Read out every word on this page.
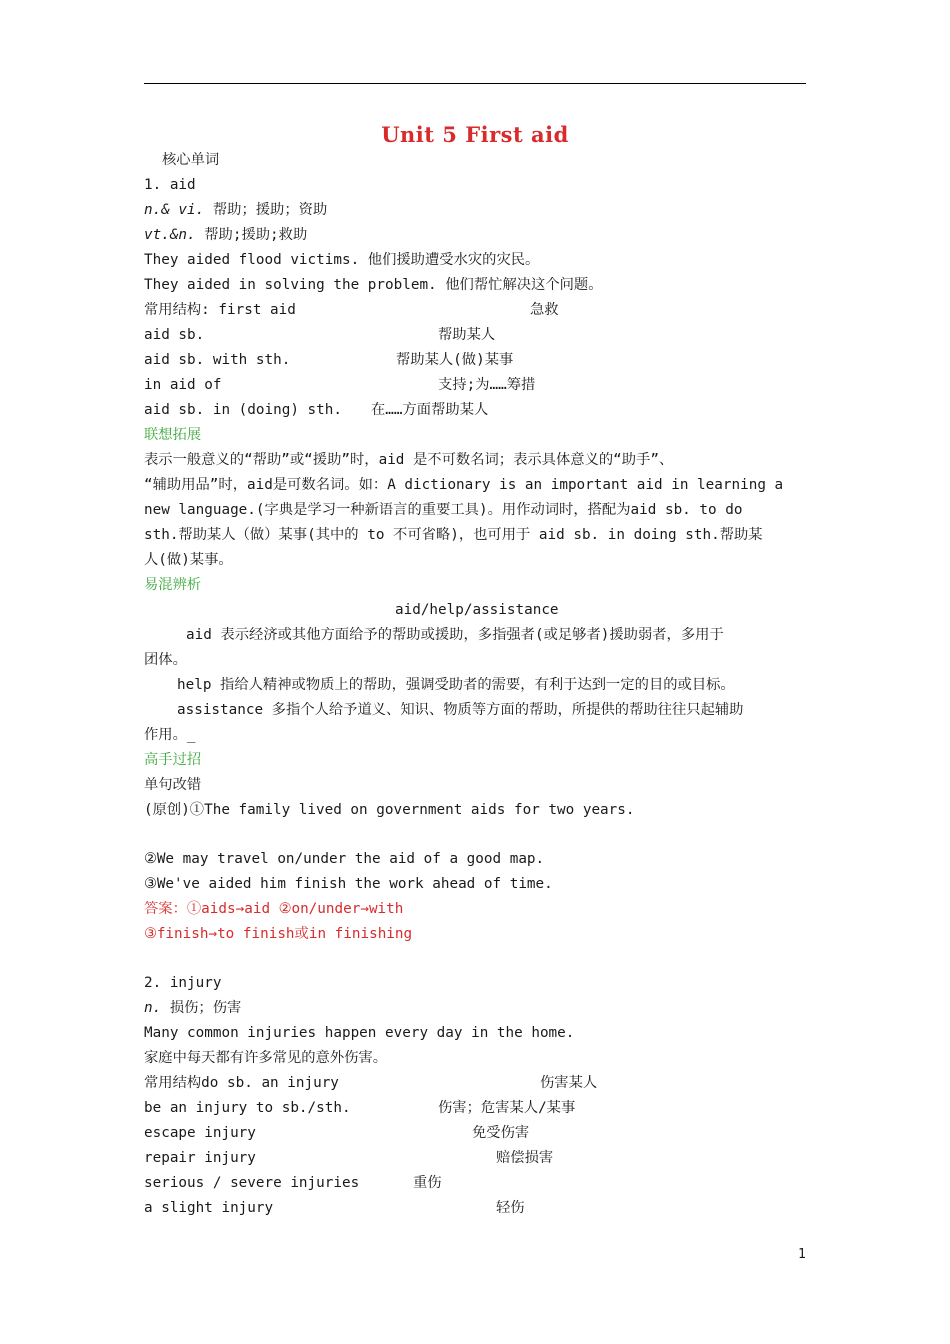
Unit 5 First aid
核心单词
1. aid
n.& vi. 帮助；援助；资助
vt.&n. 帮助;援助;救助
They aided flood victims. 他们援助遭受水灾的灾民。
They aided in solving the problem. 他们帮忙解决这个问题。
常用结构: first aid	急救
aid sb.	帮助某人
aid sb. with sth.	帮助某人(做)某事
in aid of	支持;为……筹措
aid sb. in (doing) sth. 在……方面帮助某人
联想拓展
表示一般意义的“帮助”或“援助”时，aid 是不可数名词；表示具体意义的“助手”、
“辅助用品”时，aid是可数名词。如：A dictionary is an important aid in learning a
new language.(字典是学习一种新语言的重要工具)。用作动词时，搭配为aid sb. to do
sth.帮助某人（做）某事(其中的 to 不可省略)，也可用于 aid sb. in doing sth.帮助某
人(做)某事。
易混辨析
aid/help/assistance
aid 表示经济或其他方面给予的帮助或援助，多指强者(或足够者)援助弱者，多用于
团体。
help 指给人精神或物质上的帮助，强调受助者的需要，有利于达到一定的目的或目标。
assistance 多指个人给予道义、知识、物质等方面的帮助，所提供的帮助往往只起辅助
作用。_
高手过招
单句改错
(原创)①The family lived on government aids for two years.
②We may travel on/under the aid of a good map.
③We've aided him finish the work ahead of time.
答案：①aids→aid ②on/under→with
③finish→to finish或in finishing
2. injury
n. 损伤；伤害
Many common injuries happen every day in the home.
家庭中每天都有许多常见的意外伤害。
常用结构do sb. an injury	伤害某人
be an injury to sb./sth.	伤害；危害某人/某事
escape injury	免受伤害
repair injury	赔偿损害
serious / severe injuries	重伤
a slight injury	轻伤
1
